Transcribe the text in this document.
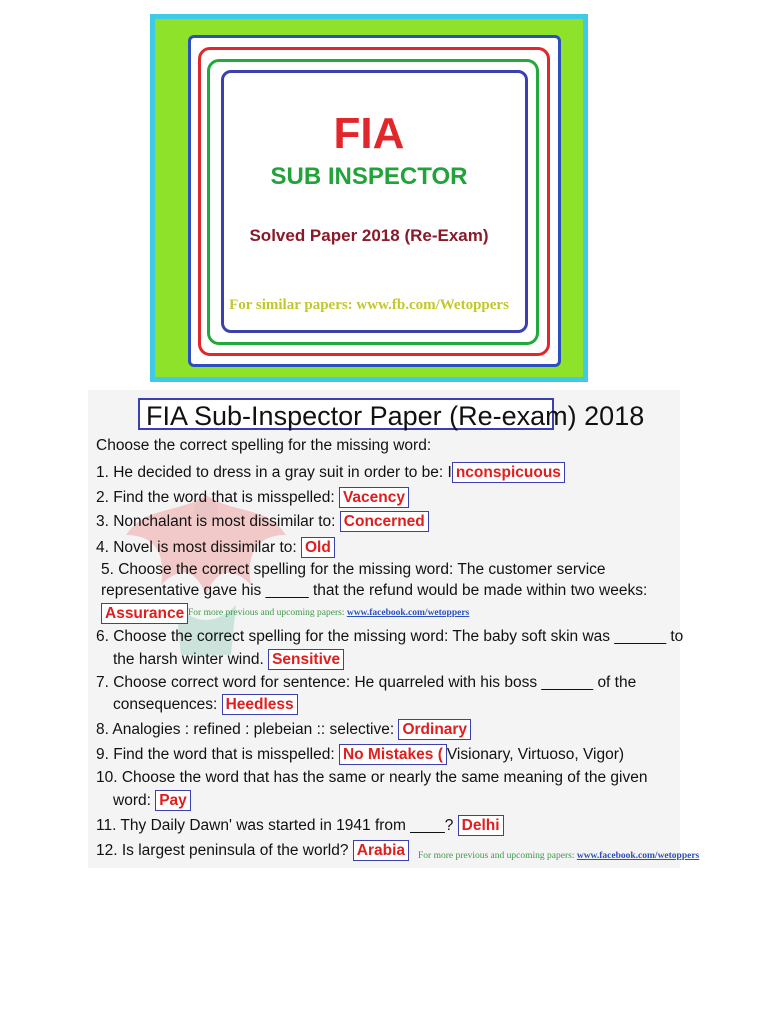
FIA
SUB INSPECTOR
Solved Paper 2018 (Re-Exam)
For similar papers: www.fb.com/Wetoppers
FIA Sub-Inspector Paper (Re-exam) 2018
Choose the correct spelling for the missing word:
1. He decided to dress in a gray suit in order to be: I nconspicuous
2. Find the word that is misspelled: Vacency
3. Nonchalant is most dissimilar to: Concerned
4. Novel is most dissimilar to: Old
5. Choose the correct spelling for the missing word: The customer service
representative gave his _____ that the refund would be made within two weeks:
Assurance For more previous and upcoming papers: www.facebook.com/wetoppers
6. Choose the correct spelling for the missing word: The baby soft skin was ______ to
the harsh winter wind. Sensitive
7. Choose correct word for sentence: He quarreled with his boss ______ of the
consequences: Heedless
8. Analogies : refined : plebeian :: selective: Ordinary
9. Find the word that is misspelled: No Mistakes ( Visionary, Virtuoso, Vigor)
10. Choose the word that has the same or nearly the same meaning of the given
word: Pay
11. Thy Daily Dawn' was started in 1941 from ____? Delhi
12. Is largest peninsula of the world? Arabia	For more previous and upcoming papers: www.facebook.com/wetoppers
